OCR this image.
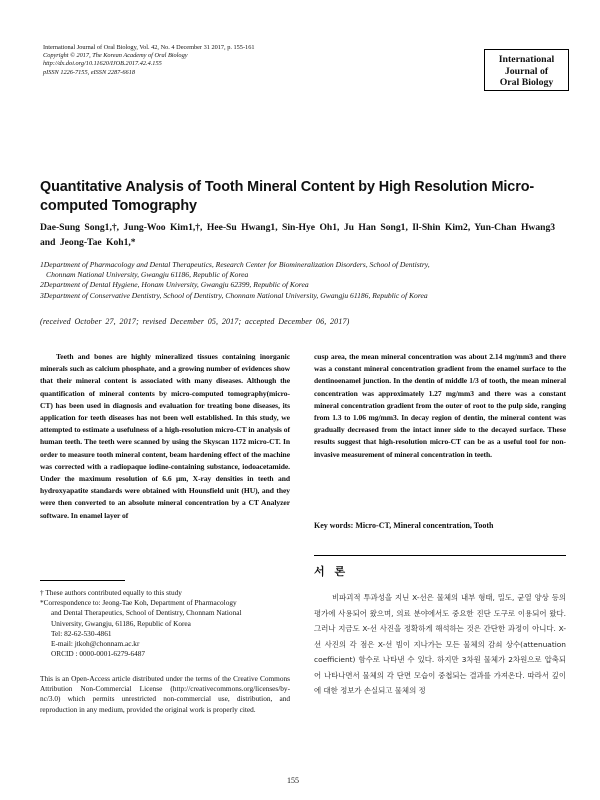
International Journal of Oral Biology, Vol. 42, No. 4 December 31 2017, p. 155-161
Copyright © 2017, The Korean Academy of Oral Biology
http://dx.doi.org/10.11620/IJOB.2017.42.4.155
pISSN 1226-7155, eISSN 2287-6618
International
Journal of
Oral Biology
Quantitative Analysis of Tooth Mineral Content by High Resolution Micro-computed Tomography
Dae-Sung Song1,†, Jung-Woo Kim1,†, Hee-Su Hwang1, Sin-Hye Oh1, Ju Han Song1, Il-Shin Kim2, Yun-Chan Hwang3 and Jeong-Tae Koh1,*
1Department of Pharmacology and Dental Therapeutics, Research Center for Biomineralization Disorders, School of Dentistry,
Chonnam National University, Gwangju 61186, Republic of Korea
2Department of Dental Hygiene, Honam University, Gwangju 62399, Republic of Korea
3Department of Conservative Dentistry, School of Dentistry, Chonnam National University, Gwangju 61186, Republic of Korea
(received October 27, 2017; revised December 05, 2017; accepted December 06, 2017)
Teeth and bones are highly mineralized tissues containing inorganic minerals such as calcium phosphate, and a growing number of evidences show that their mineral content is associated with many diseases. Although the quantification of mineral contents by micro-computed tomography(micro- CT) has been used in diagnosis and evaluation for treating bone diseases, its application for teeth diseases has not been well established. In this study, we attempted to estimate a usefulness of a high-resolution micro-CT in analysis of human teeth. The teeth were scanned by using the Skyscan 1172 micro-CT. In order to measure tooth mineral content, beam hardening effect of the machine was corrected with a radiopaque iodine-containing substance, iodoacetamide. Under the maximum resolution of 6.6 μm, X-ray densities in teeth and hydroxyapatite standards were obtained with Hounsfield unit (HU), and they were then converted to an absolute mineral concentration by a CT Analyzer software. In enamel layer of
cusp area, the mean mineral concentration was about 2.14 mg/mm3 and there was a constant mineral concentration gradient from the enamel surface to the dentinoenamel junction. In the dentin of middle 1/3 of tooth, the mean mineral concentration was approximately 1.27 mg/mm3 and there was a constant mineral concentration gradient from the outer of root to the pulp side, ranging from 1.3 to 1.06 mg/mm3. In decay region of dentin, the mineral content was gradually decreased from the intact inner side to the decayed surface. These results suggest that high-resolution micro-CT can be as a useful tool for non-invasive measurement of mineral concentration in teeth.
Key words: Micro-CT, Mineral concentration, Tooth
† These authors contributed equally to this study
*Correspondence to: Jeong-Tae Koh, Department of Pharmacology
and Dental Therapeutics, School of Dentistry, Chonnam National
University, Gwangju, 61186, Republic of Korea
Tel: 82-62-530-4861
E-mail: jtkoh@chonnam.ac.kr
ORCID : 0000-0001-6279-6487
This is an Open-Access article distributed under the terms of the Creative Commons Attribution Non-Commercial License (http://creativecommons.org/licenses/by-nc/3.0) which permits unrestricted non-commercial use, distribution, and reproduction in any medium, provided the original work is properly cited.
서 론
비파괴적 투과성을 지닌 X-선은 물체의 내부 형태, 밀도, 균열 양상 등의 평가에 사용되어 왔으며, 의료 분야에서도 중요한 진단 도구로 이용되어 왔다. 그러나 지금도 X-선 사진을 정확하게 해석하는 것은 간단한 과정이 아니다. X-선 사진의 각 점은 X-선 빔이 지나가는 모든 물체의 감쇠 상수(attenuation coefficient) 함수로 나타낸 수 있다. 하지만 3차원 물체가 2차원으로 압축되어 나타나면서 물체의 각 단면 모습이 중첩되는 결과를 가져온다. 따라서 깊이에 대한 정보가 손실되고 물체의 정
155
